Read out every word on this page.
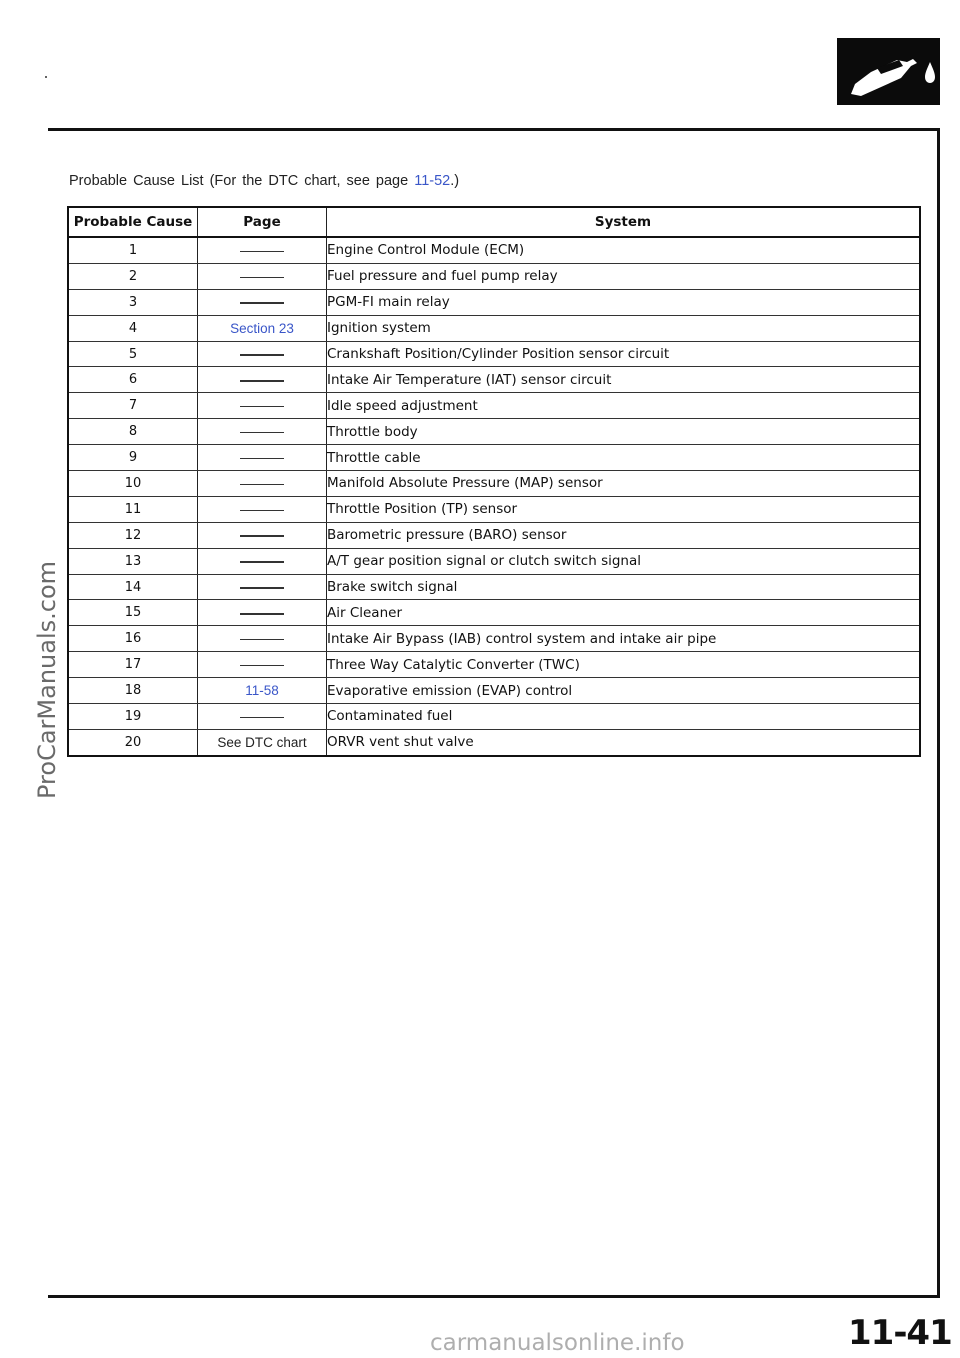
ProCarManuals.com
Probable Cause List (For the DTC chart, see page 11-52.)
Probable Cause	Page	System
1		Engine Control Module (ECM)
2		Fuel pressure and fuel pump relay
3		PGM-FI main relay
4	Section 23	Ignition system
5		Crankshaft Position/Cylinder Position sensor circuit
6		Intake Air Temperature (IAT) sensor circuit
7		Idle speed adjustment
8		Throttle body
9		Throttle cable
10		Manifold Absolute Pressure (MAP) sensor
11		Throttle Position (TP) sensor
12		Barometric pressure (BARO) sensor
13		A/T gear position signal or clutch switch signal
14		Brake switch signal
15		Air Cleaner
16		Intake Air Bypass (IAB) control system and intake air pipe
17		Three Way Catalytic Converter (TWC)
18	11-58	Evaporative emission (EVAP) control
19		Contaminated fuel
20	See DTC chart	ORVR vent shut valve
11-41
carmanualsonline.info
